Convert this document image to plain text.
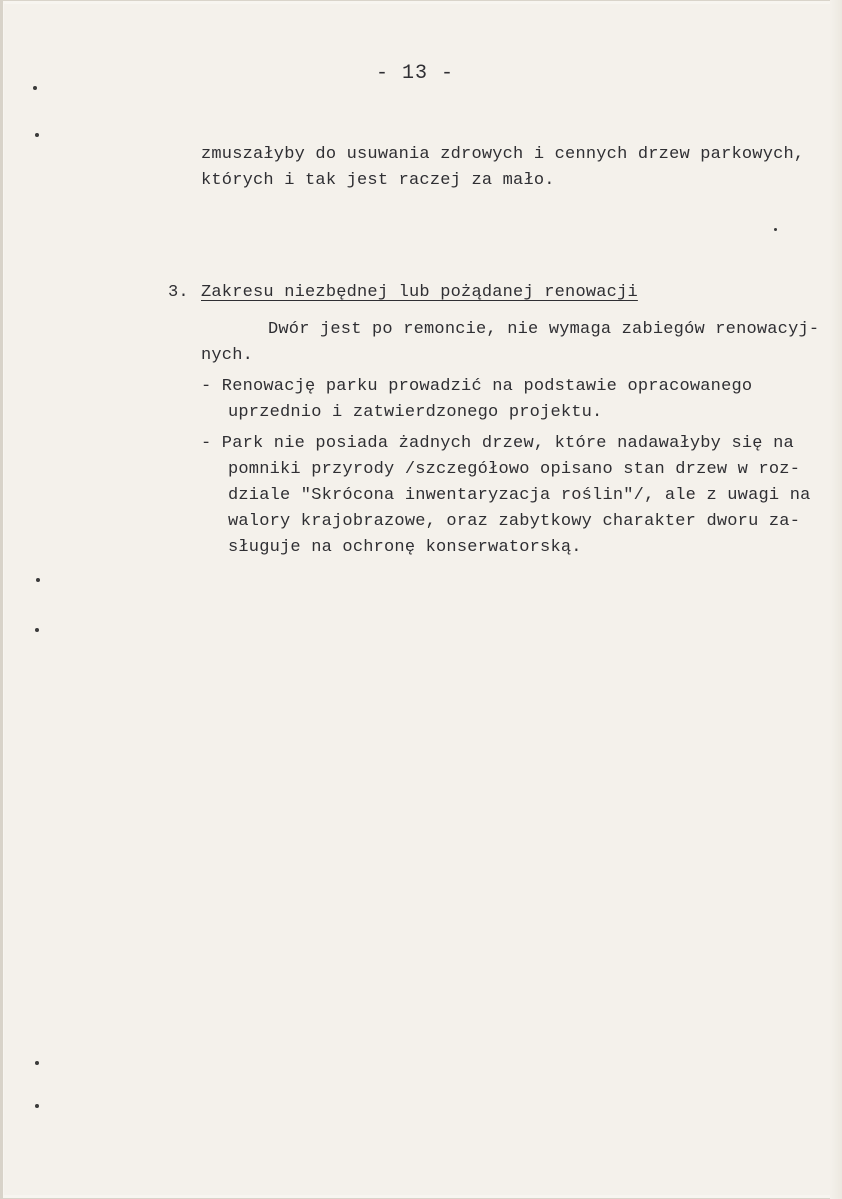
- 13 -
zmuszałyby do usuwania zdrowych i cennych drzew parkowych,
których i tak jest raczej za mało.
3. Zakresu niezbędnej lub pożądanej renowacji
Dwór jest po remoncie, nie wymaga zabiegów renowacyj-
nych.
- Renowację parku prowadzić na podstawie opracowanego
uprzednio i zatwierdzonego projektu.
- Park nie posiada żadnych drzew, które nadawałyby się na
pomniki przyrody /szczegółowo opisano stan drzew w roz-
dziale "Skrócona inwentaryzacja roślin"/, ale z uwagi na
walory krajobrazowe, oraz zabytkowy charakter dworu za-
sługuje na ochronę konserwatorską.
